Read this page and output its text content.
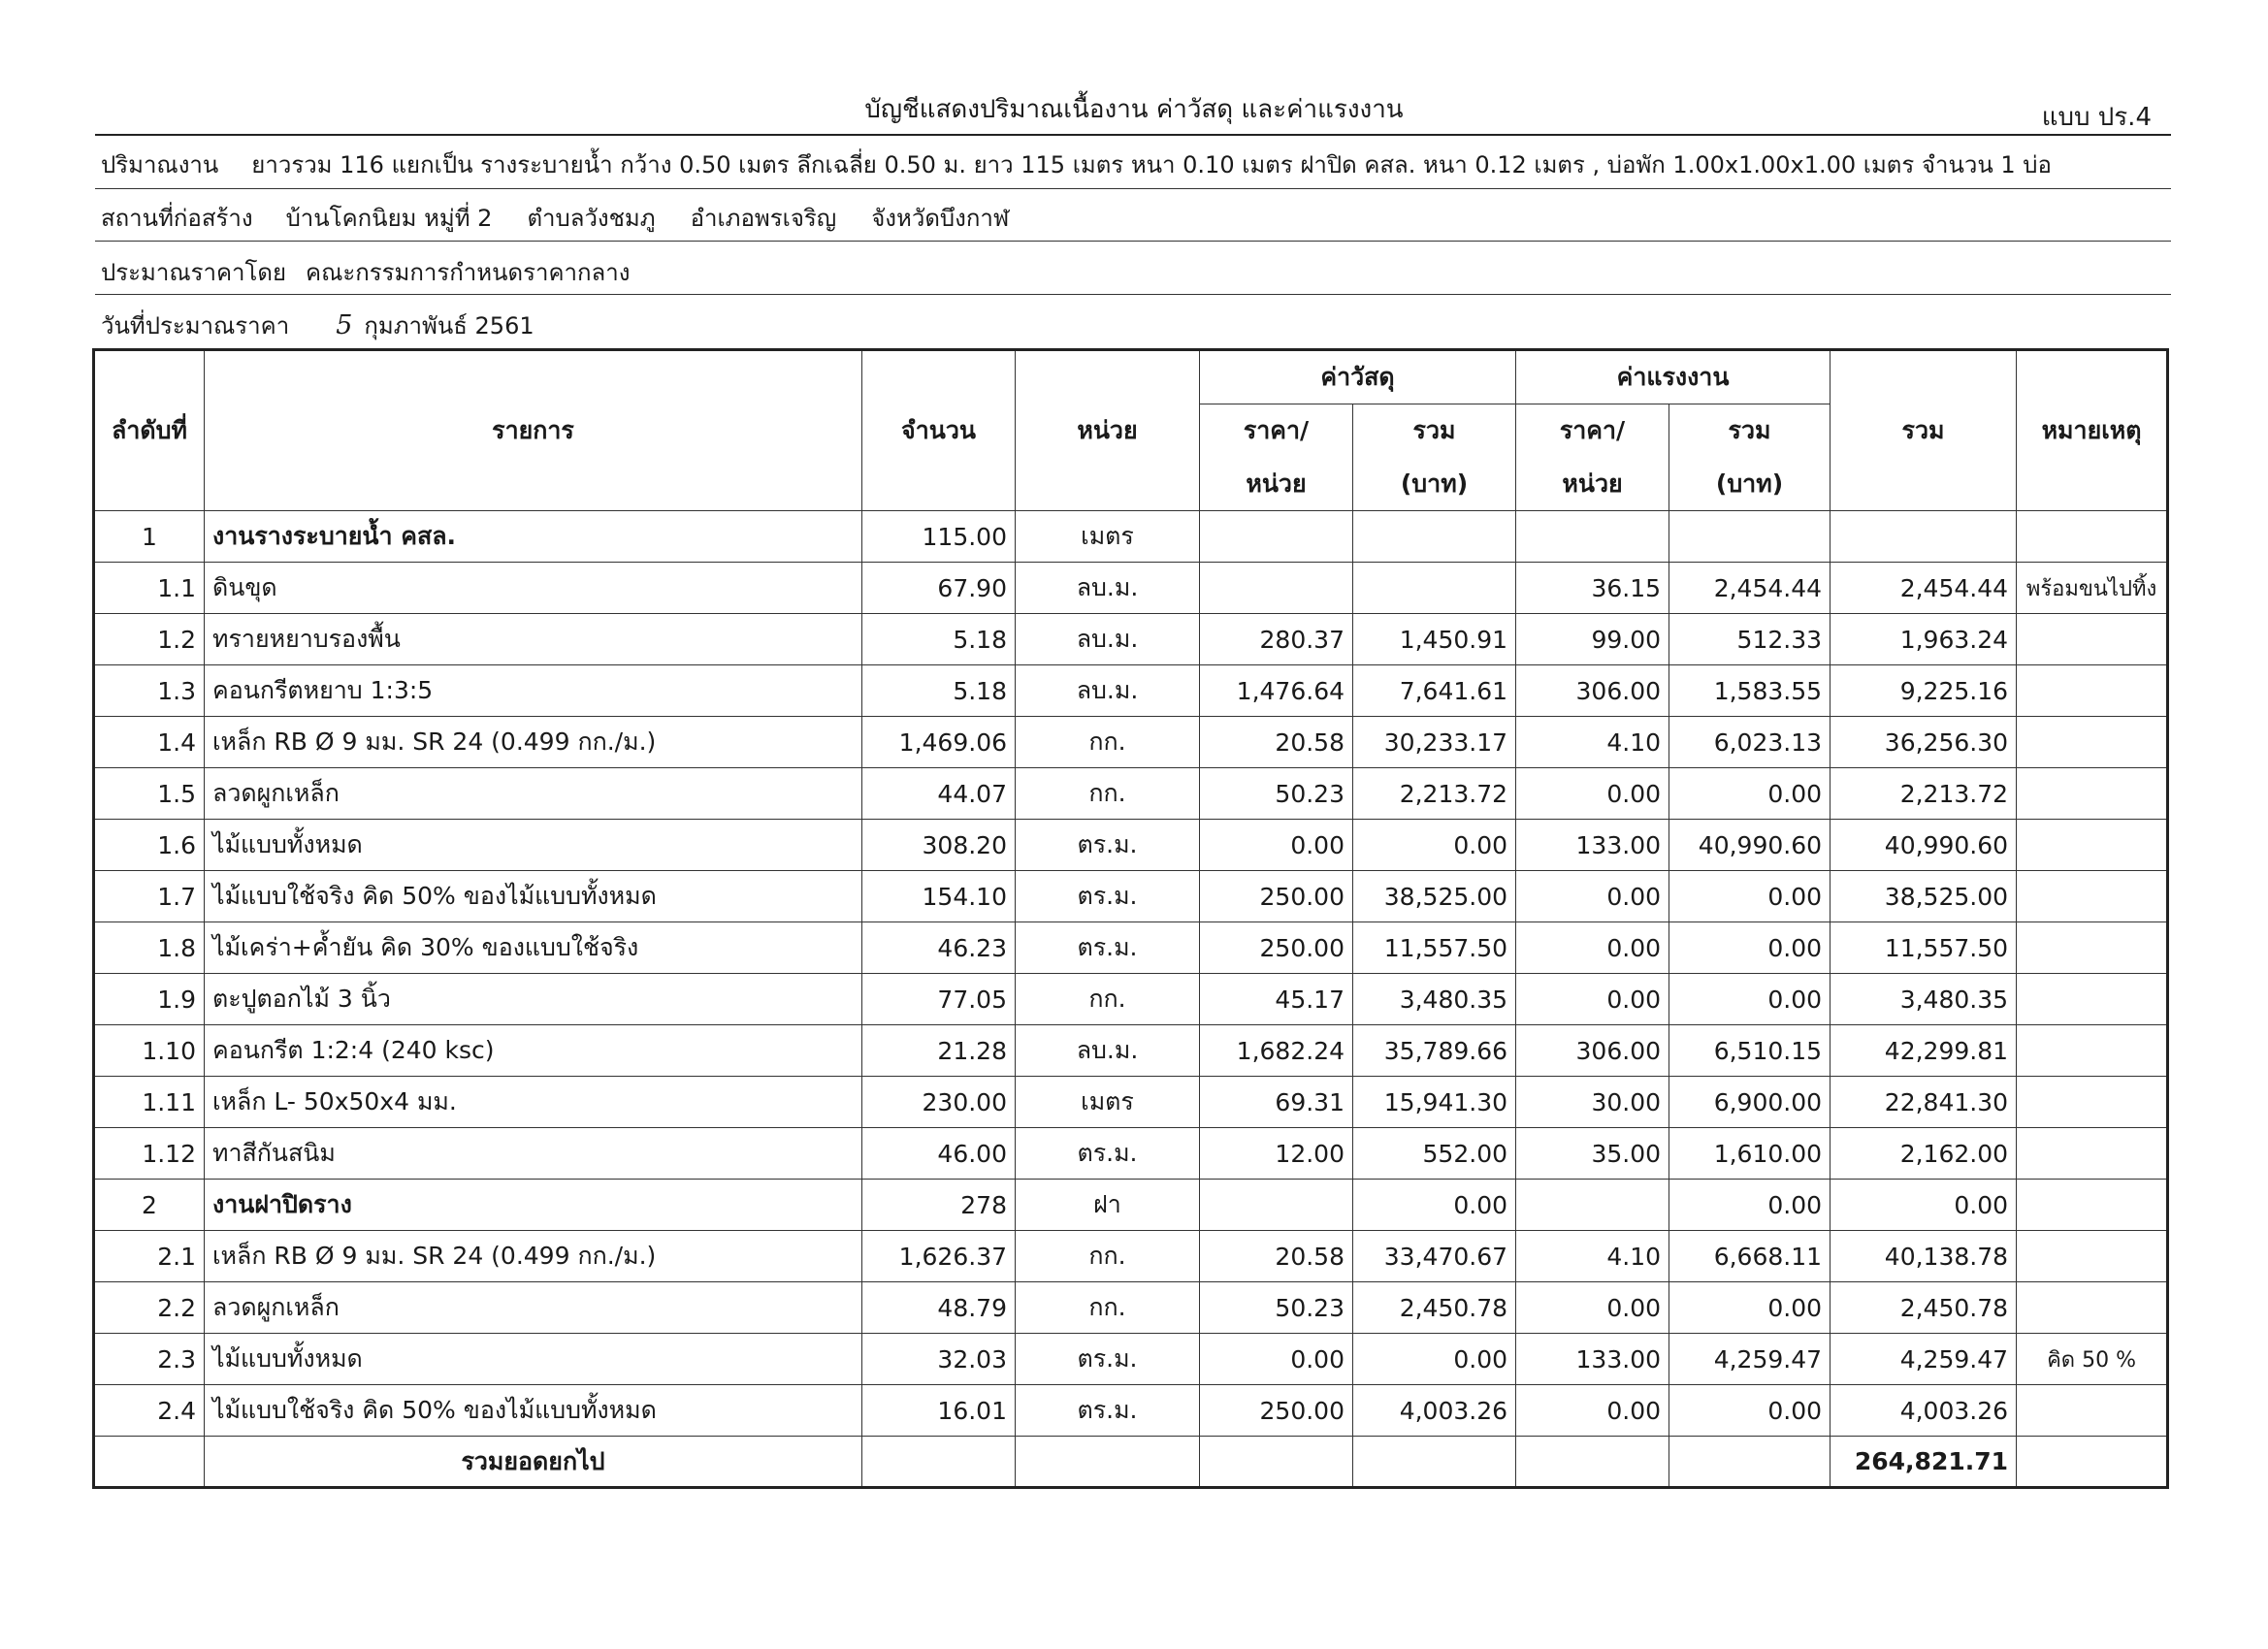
บัญชีแสดงปริมาณเนื้องาน ค่าวัสดุ และค่าแรงงาน	แบบ ปร.4
ปริมาณงาน ยาวรวม 116 แยกเป็น รางระบายน้ำ กว้าง 0.50 เมตร ลึกเฉลี่ย 0.50 ม. ยาว 115 เมตร หนา 0.10 เมตร ฝาปิด คสล. หนา 0.12 เมตร , บ่อพัก 1.00x1.00x1.00 เมตร จำนวน 1 บ่อ
สถานที่ก่อสร้าง บ้านโคกนิยม หมู่ที่ 2 ตำบลวังชมภู อำเภอพรเจริญ จังหวัดบึงกาฬ
ประมาณราคาโดย คณะกรรมการกำหนดราคากลาง
วันที่ประมาณราคา 5 กุมภาพันธ์ 2561
ลำดับที่	รายการ	จำนวน	หน่วย	ค่าวัสดุ		ค่าแรงงาน		รวม	หมายเหตุ
				ราคา/	รวม	ราคา/	รวม		
				หน่วย	(บาท)	หน่วย	(บาท)		
1	งานรางระบายน้ำ คสล.	115.00	เมตร						
1.1	ดินขุด	67.90	ลบ.ม.			36.15	2,454.44	2,454.44	พร้อมขนไปทิ้ง
1.2	ทรายหยาบรองพื้น	5.18	ลบ.ม.	280.37	1,450.91	99.00	512.33	1,963.24	
1.3	คอนกรีตหยาบ 1:3:5	5.18	ลบ.ม.	1,476.64	7,641.61	306.00	1,583.55	9,225.16	
1.4	เหล็ก RB Ø 9 มม. SR 24 (0.499 กก./ม.)	1,469.06	กก.	20.58	30,233.17	4.10	6,023.13	36,256.30	
1.5	ลวดผูกเหล็ก	44.07	กก.	50.23	2,213.72	0.00	0.00	2,213.72	
1.6	ไม้แบบทั้งหมด	308.20	ตร.ม.	0.00	0.00	133.00	40,990.60	40,990.60	
1.7	ไม้แบบใช้จริง คิด 50% ของไม้แบบทั้งหมด	154.10	ตร.ม.	250.00	38,525.00	0.00	0.00	38,525.00	
1.8	ไม้เคร่า+ค้ำยัน คิด 30% ของแบบใช้จริง	46.23	ตร.ม.	250.00	11,557.50	0.00	0.00	11,557.50	
1.9	ตะปูตอกไม้ 3 นิ้ว	77.05	กก.	45.17	3,480.35	0.00	0.00	3,480.35	
1.10	คอนกรีต 1:2:4 (240 ksc)	21.28	ลบ.ม.	1,682.24	35,789.66	306.00	6,510.15	42,299.81	
1.11	เหล็ก L- 50x50x4 มม.	230.00	เมตร	69.31	15,941.30	30.00	6,900.00	22,841.30	
1.12	ทาสีกันสนิม	46.00	ตร.ม.	12.00	552.00	35.00	1,610.00	2,162.00	
2	งานฝาปิดราง	278	ฝา		0.00		0.00	0.00	
2.1	เหล็ก RB Ø 9 มม. SR 24 (0.499 กก./ม.)	1,626.37	กก.	20.58	33,470.67	4.10	6,668.11	40,138.78	
2.2	ลวดผูกเหล็ก	48.79	กก.	50.23	2,450.78	0.00	0.00	2,450.78	
2.3	ไม้แบบทั้งหมด	32.03	ตร.ม.	0.00	0.00	133.00	4,259.47	4,259.47	คิด 50 %
2.4	ไม้แบบใช้จริง คิด 50% ของไม้แบบทั้งหมด	16.01	ตร.ม.	250.00	4,003.26	0.00	0.00	4,003.26	
	รวมยอดยกไป							264,821.71	
